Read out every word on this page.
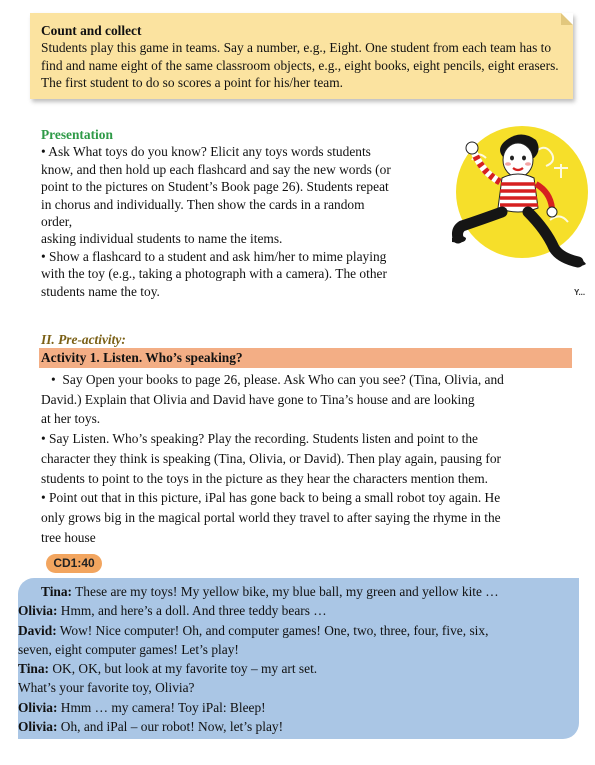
Count and collect
Students play this game in teams. Say a number, e.g., Eight. One student from each team has to find and name eight of the same classroom objects, e.g., eight books, eight pencils, eight erasers. The first student to do so scores a point for his/her team.
Presentation
• Ask What toys do you know? Elicit any toys words students
know, and then hold up each flashcard and say the new words (or
point to the pictures on Student’s Book page 26). Students repeat
in chorus and individually. Then show the cards in a random
order,
asking individual students to name the items.
• Show a flashcard to a student and ask him/her to mime playing
with the toy (e.g., taking a photograph with a camera). The other
students name the toy.	Y...
II. Pre-activity:
Activity 1. Listen. Who’s speaking?

•  Say Open your books to page 26, please. Ask Who can you see? (Tina, Olivia, and

David.) Explain that Olivia and David have gone to Tina’s house and are looking

at her toys.

• Say Listen. Who’s speaking? Play the recording. Students listen and point to the

character they think is speaking (Tina, Olivia, or David). Then play again, pausing for

students to point to the toys in the picture as they hear the characters mention them.

• Point out that in this picture, iPal has gone back to being a small robot toy again. He

only grows big in the magical portal world they travel to after saying the rhyme in the

tree house

CD1:40

Tina: These are my toys! My yellow bike, my blue ball, my green and yellow kite …

Olivia: Hmm, and here’s a doll. And three teddy bears …

David: Wow! Nice computer! Oh, and computer games! One, two, three, four, five, six,

seven, eight computer games! Let’s play!

Tina: OK, OK, but look at my favorite toy – my art set.

What’s your favorite toy, Olivia?

Olivia: Hmm … my camera! Toy iPal: Bleep!

Olivia: Oh, and iPal – our robot! Now, let’s play!
